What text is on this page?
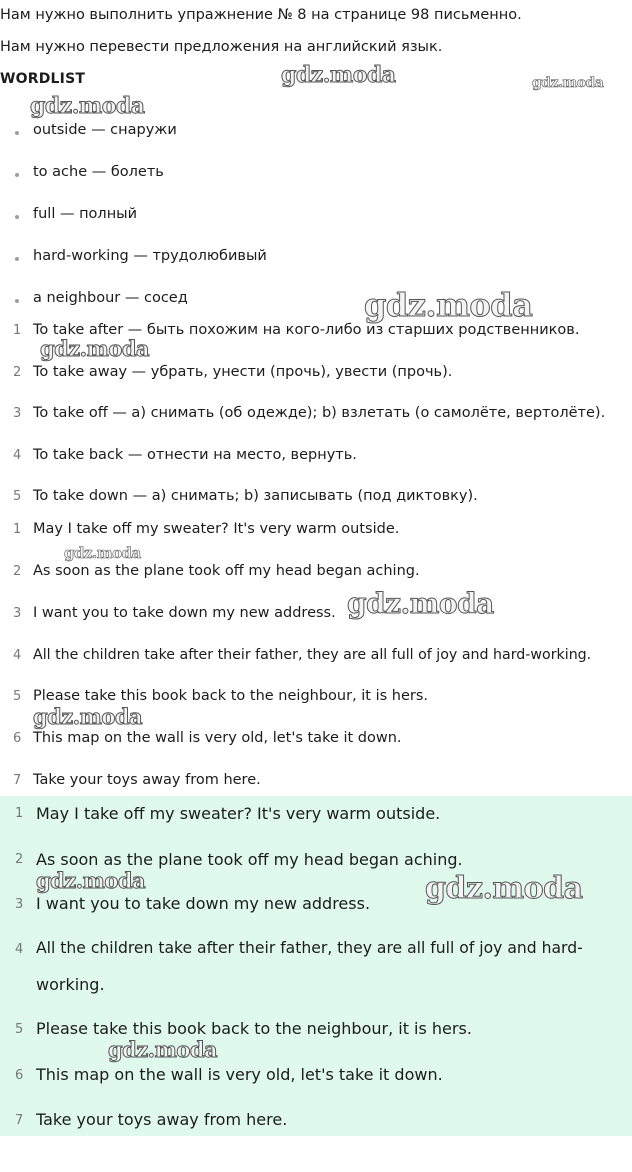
Нам нужно выполнить упражнение № 8 на странице 98 письменно.
Нам нужно перевести предложения на английский язык.
WORDLIST
outside — снаружи
to ache — болеть
full — полный
hard-working — трудолюбивый
a neighbour — сосед
1 To take after — быть похожим на кого-либо из старших родственников.
2 To take away — убрать, унести (прочь), увести (прочь).
3 To take off — a) снимать (об одежде); b) взлетать (о самолёте, вертолёте).
4 To take back — отнести на место, вернуть.
5 To take down — a) снимать; b) записывать (под диктовку).
1 May I take off my sweater? It's very warm outside.
2 As soon as the plane took off my head began aching.
3 I want you to take down my new address.
4 All the children take after their father, they are all full of joy and hard-working.
5 Please take this book back to the neighbour, it is hers.
6 This map on the wall is very old, let's take it down.
7 Take your toys away from here.
1 May I take off my sweater? It's very warm outside.
2 As soon as the plane took off my head began aching.
3 I want you to take down my new address.
4 All the children take after their father, they are all full of joy and hard-
working.
5 Please take this book back to the neighbour, it is hers.
6 This map on the wall is very old, let's take it down.
7 Take your toys away from here.
gdz.moda	gdz.moda
gdz.moda
gdz.moda
gdz.moda
gdz.moda
gdz.moda
gdz.moda
gdz.moda	gdz.moda
gdz.moda
